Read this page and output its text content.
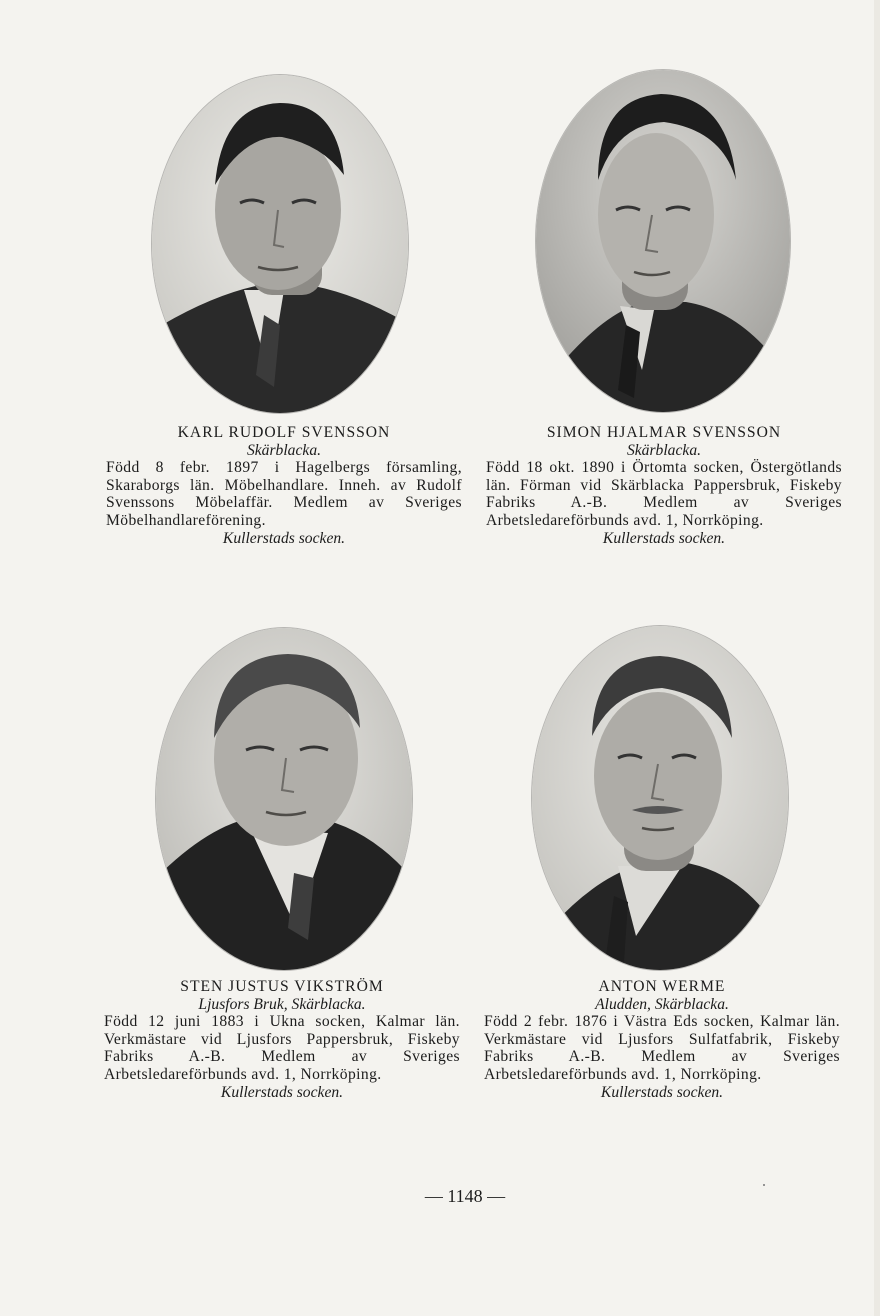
KARL RUDOLF SVENSSON
Skärblacka.
Född 8 febr. 1897 i Hagelbergs församling, Skaraborgs län. Möbelhandlare. Inneh. av Rudolf Svenssons Möbelaffär. Medlem av Sveriges Möbelhandlareförening.
Kullerstads socken.
SIMON HJALMAR SVENSSON
Skärblacka.
Född 18 okt. 1890 i Örtomta socken, Östergötlands län. Förman vid Skärblacka Pappersbruk, Fiskeby Fabriks A.-B. Medlem av Sveriges Arbetsledareförbunds avd. 1, Norrköping.
Kullerstads socken.
STEN JUSTUS VIKSTRÖM
Ljusfors Bruk, Skärblacka.
Född 12 juni 1883 i Ukna socken, Kalmar län. Verkmästare vid Ljusfors Pappersbruk, Fiskeby Fabriks A.-B. Medlem av Sveriges Arbetsledareförbunds avd. 1, Norrköping.
Kullerstads socken.
ANTON WERME
Aludden, Skärblacka.
Född 2 febr. 1876 i Västra Eds socken, Kalmar län. Verkmästare vid Ljusfors Sulfatfabrik, Fiskeby Fabriks A.-B. Medlem av Sveriges Arbetsledareförbunds avd. 1, Norrköping.
Kullerstads socken.
— 1148 —
